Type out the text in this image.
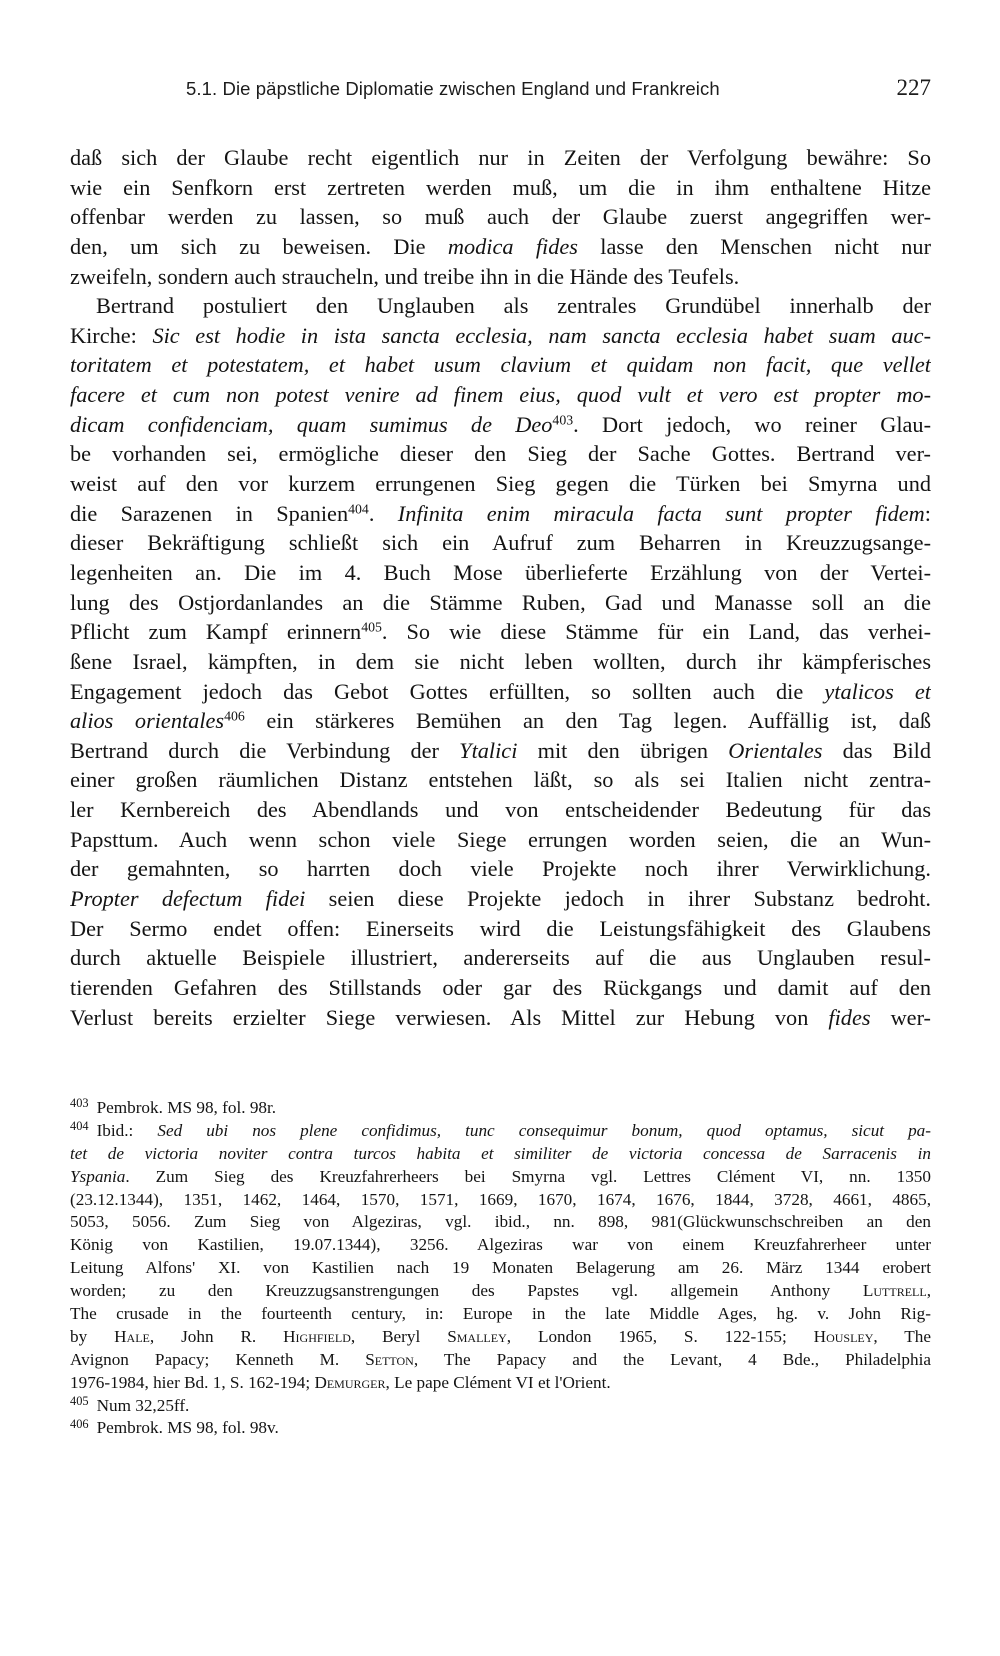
5.1. Die päpstliche Diplomatie zwischen England und Frankreich	227
daß sich der Glaube recht eigentlich nur in Zeiten der Verfolgung bewähre: So
wie ein Senfkorn erst zertreten werden muß, um die in ihm enthaltene Hitze
offenbar werden zu lassen, so muß auch der Glaube zuerst angegriffen wer-
den, um sich zu beweisen. Die modica fides lasse den Menschen nicht nur
zweifeln, sondern auch straucheln, und treibe ihn in die Hände des Teufels.
Bertrand postuliert den Unglauben als zentrales Grundübel innerhalb der
Kirche: Sic est hodie in ista sancta ecclesia, nam sancta ecclesia habet suam auc-
toritatem et potestatem, et habet usum clavium et quidam non facit, que vellet
facere et cum non potest venire ad finem eius, quod vult et vero est propter mo-
dicam confidenciam, quam sumimus de Deo$^{403}$. Dort jedoch, wo reiner Glau-
be vorhanden sei, ermögliche dieser den Sieg der Sache Gottes. Bertrand ver-
weist auf den vor kurzem errungenen Sieg gegen die Türken bei Smyrna und
die Sarazenen in Spanien$^{404}$. Infinita enim miracula facta sunt propter fidem:
dieser Bekräftigung schließt sich ein Aufruf zum Beharren in Kreuzzugsange-
legenheiten an. Die im 4. Buch Mose überlieferte Erzählung von der Vertei-
lung des Ostjordanlandes an die Stämme Ruben, Gad und Manasse soll an die
Pflicht zum Kampf erinnern$^{405}$. So wie diese Stämme für ein Land, das verhei-
ßene Israel, kämpften, in dem sie nicht leben wollten, durch ihr kämpferisches
Engagement jedoch das Gebot Gottes erfüllten, so sollten auch die ytalicos et
alios orientales$^{406}$ ein stärkeres Bemühen an den Tag legen. Auffällig ist, daß
Bertrand durch die Verbindung der Ytalici mit den übrigen Orientales das Bild
einer großen räumlichen Distanz entstehen läßt, so als sei Italien nicht zentra-
ler Kernbereich des Abendlands und von entscheidender Bedeutung für das
Papsttum. Auch wenn schon viele Siege errungen worden seien, die an Wun-
der gemahnten, so harrten doch viele Projekte noch ihrer Verwirklichung.
Propter defectum fidei seien diese Projekte jedoch in ihrer Substanz bedroht.
Der Sermo endet offen: Einerseits wird die Leistungsfähigkeit des Glaubens
durch aktuelle Beispiele illustriert, andererseits auf die aus Unglauben resul-
tierenden Gefahren des Stillstands oder gar des Rückgangs und damit auf den
Verlust bereits erzielter Siege verwiesen. Als Mittel zur Hebung von fides wer-
$^{403}$ Pembrok. MS 98, fol. 98r.
$^{404}$ Ibid.: Sed ubi nos plene confidimus, tunc consequimur bonum, quod optamus, sicut pa-
tet de victoria noviter contra turcos habita et similiter de victoria concessa de Sarracenis in
Yspania. Zum Sieg des Kreuzfahrerheers bei Smyrna vgl. Lettres Clément VI, nn. 1350
(23.12.1344), 1351, 1462, 1464, 1570, 1571, 1669, 1670, 1674, 1676, 1844, 3728, 4661, 4865,
5053, 5056. Zum Sieg von Algeziras, vgl. ibid., nn. 898, 981(Glückwunschschreiben an den
König von Kastilien, 19.07.1344), 3256. Algeziras war von einem Kreuzfahrerheer unter
Leitung Alfons' XI. von Kastilien nach 19 Monaten Belagerung am 26. März 1344 erobert
worden; zu den Kreuzzugsanstrengungen des Papstes vgl. allgemein Anthony Luttrell,
The crusade in the fourteenth century, in: Europe in the late Middle Ages, hg. v. John Rig-
by Hale, John R. Highfield, Beryl Smalley, London 1965, S. 122-155; Housley, The
Avignon Papacy; Kenneth M. Setton, The Papacy and the Levant, 4 Bde., Philadelphia
1976-1984, hier Bd. 1, S. 162-194; Demurger, Le pape Clément VI et l'Orient.
$^{405}$ Num 32,25ff.
$^{406}$ Pembrok. MS 98, fol. 98v.
